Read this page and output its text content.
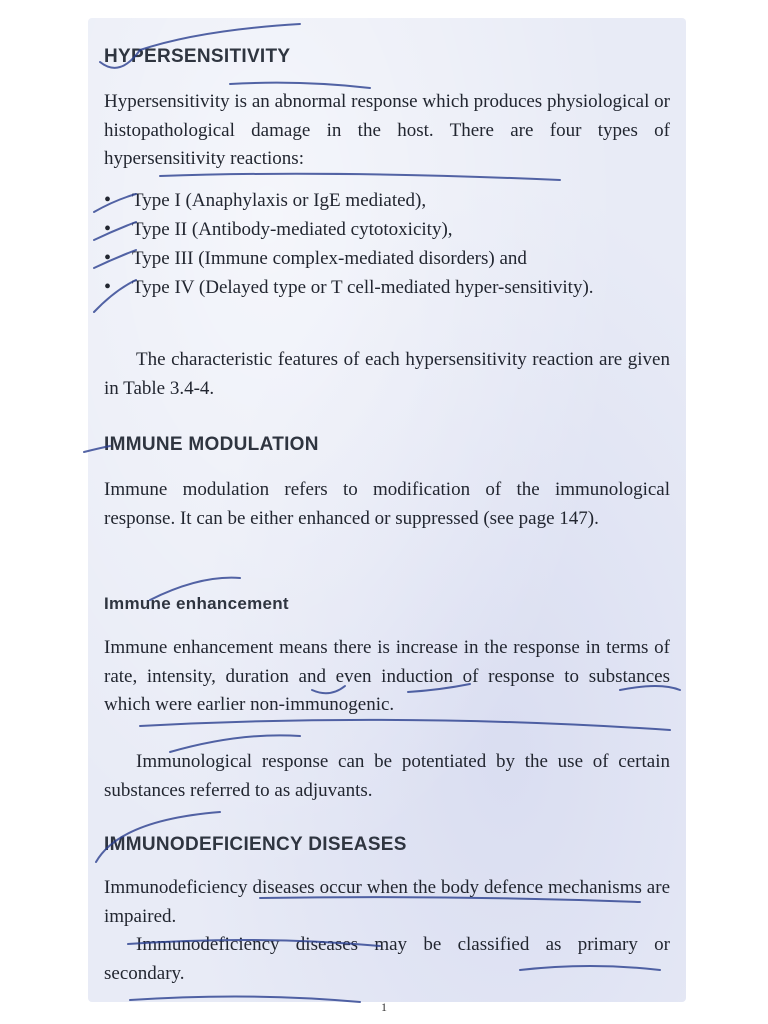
HYPERSENSITIVITY

Hypersensitivity is an abnormal response which produces physiological or histopathological damage in the host. There are four types of hypersensitivity reactions:

• Type I (Anaphylaxis or IgE mediated),
• Type II (Antibody-mediated cytotoxicity),
• Type III (Immune complex-mediated disorders) and
• Type IV (Delayed type or T cell-mediated hyper-sensitivity).

The characteristic features of each hypersensitivity reaction are given in Table 3.4-4.

IMMUNE MODULATION

Immune modulation refers to modification of the immunological response. It can be either enhanced or suppressed (see page 147).

Immune enhancement

Immune enhancement means there is increase in the response in terms of rate, intensity, duration and even induction of response to substances which were earlier non-immunogenic.

Immunological response can be potentiated by the use of certain substances referred to as adjuvants.

IMMUNODEFICIENCY DISEASES

Immunodeficiency diseases occur when the body defence mechanisms are impaired.

Immunodeficiency diseases may be classified as primary or secondary.

1
